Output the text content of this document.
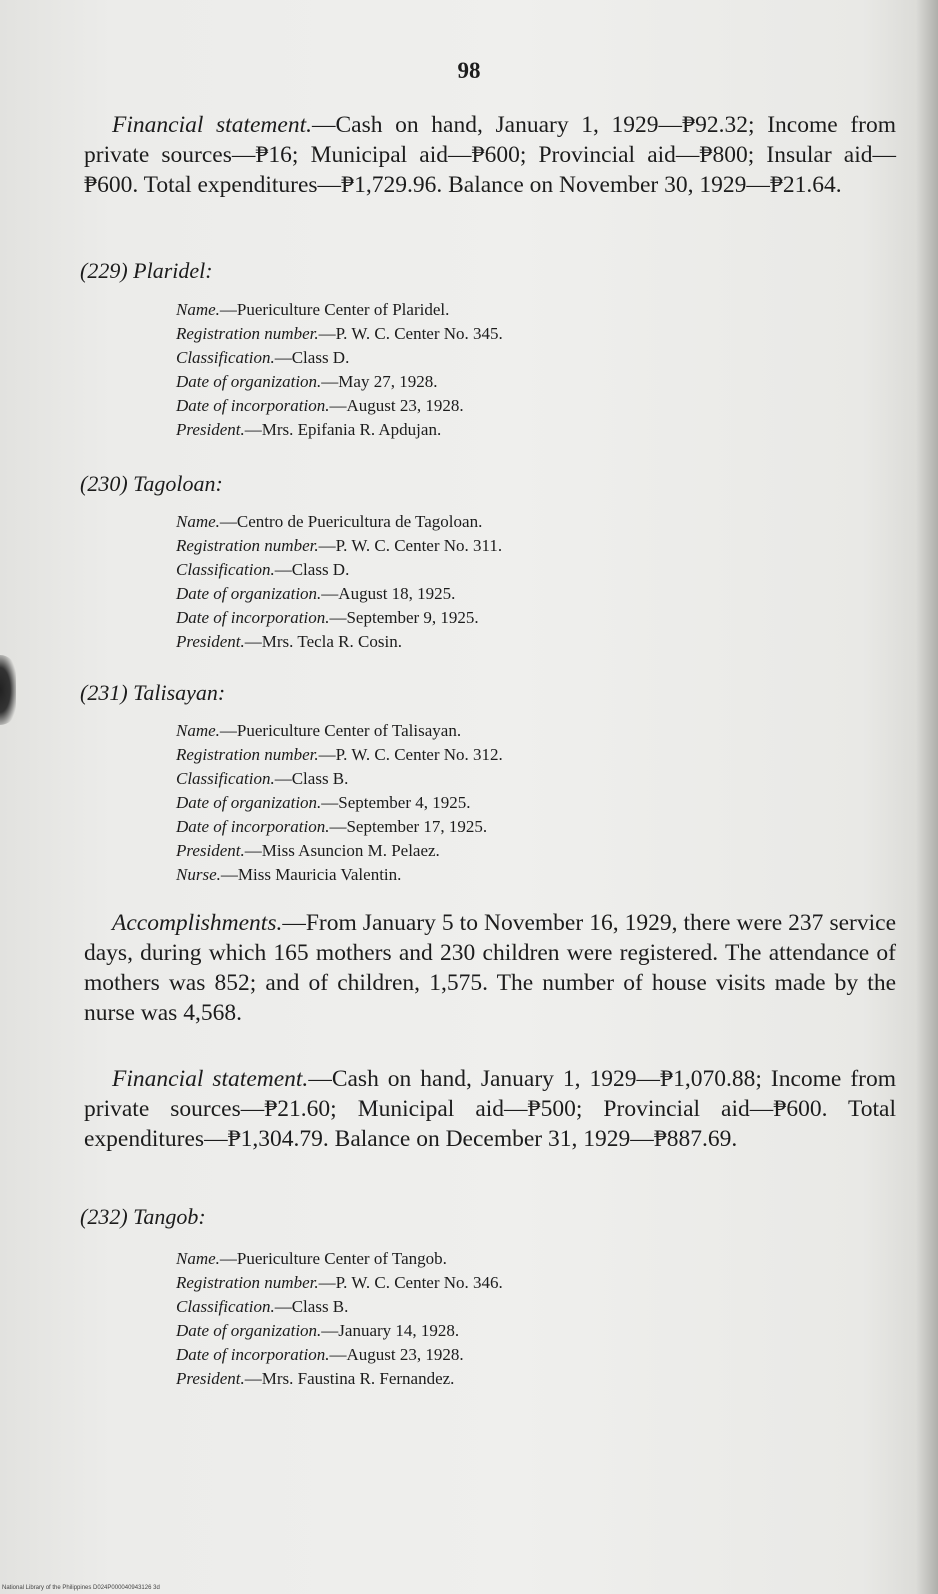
98
Financial statement.—Cash on hand, January 1, 1929—₱92.32; Income from private sources—₱16; Municipal aid—₱600; Provincial aid—₱800; Insular aid—₱600. Total expenditures—₱1,729.96. Balance on November 30, 1929—₱21.64.
(229) Plaridel:
Name.—Puericulture Center of Plaridel.
Registration number.—P. W. C. Center No. 345.
Classification.—Class D.
Date of organization.—May 27, 1928.
Date of incorporation.—August 23, 1928.
President.—Mrs. Epifania R. Apdujan.
(230) Tagoloan:
Name.—Centro de Puericultura de Tagoloan.
Registration number.—P. W. C. Center No. 311.
Classification.—Class D.
Date of organization.—August 18, 1925.
Date of incorporation.—September 9, 1925.
President.—Mrs. Tecla R. Cosin.
(231) Talisayan:
Name.—Puericulture Center of Talisayan.
Registration number.—P. W. C. Center No. 312.
Classification.—Class B.
Date of organization.—September 4, 1925.
Date of incorporation.—September 17, 1925.
President.—Miss Asuncion M. Pelaez.
Nurse.—Miss Mauricia Valentin.
Accomplishments.—From January 5 to November 16, 1929, there were 237 service days, during which 165 mothers and 230 children were registered. The attendance of mothers was 852; and of children, 1,575. The number of house visits made by the nurse was 4,568.
Financial statement.—Cash on hand, January 1, 1929—₱1,070.88; Income from private sources—₱21.60; Municipal aid—₱500; Provincial aid—₱600. Total expenditures—₱1,304.79. Balance on December 31, 1929—₱887.69.
(232) Tangob:
Name.—Puericulture Center of Tangob.
Registration number.—P. W. C. Center No. 346.
Classification.—Class B.
Date of organization.—January 14, 1928.
Date of incorporation.—August 23, 1928.
President.—Mrs. Faustina R. Fernandez.
National Library of the Philippines D024P000040943126 3d
